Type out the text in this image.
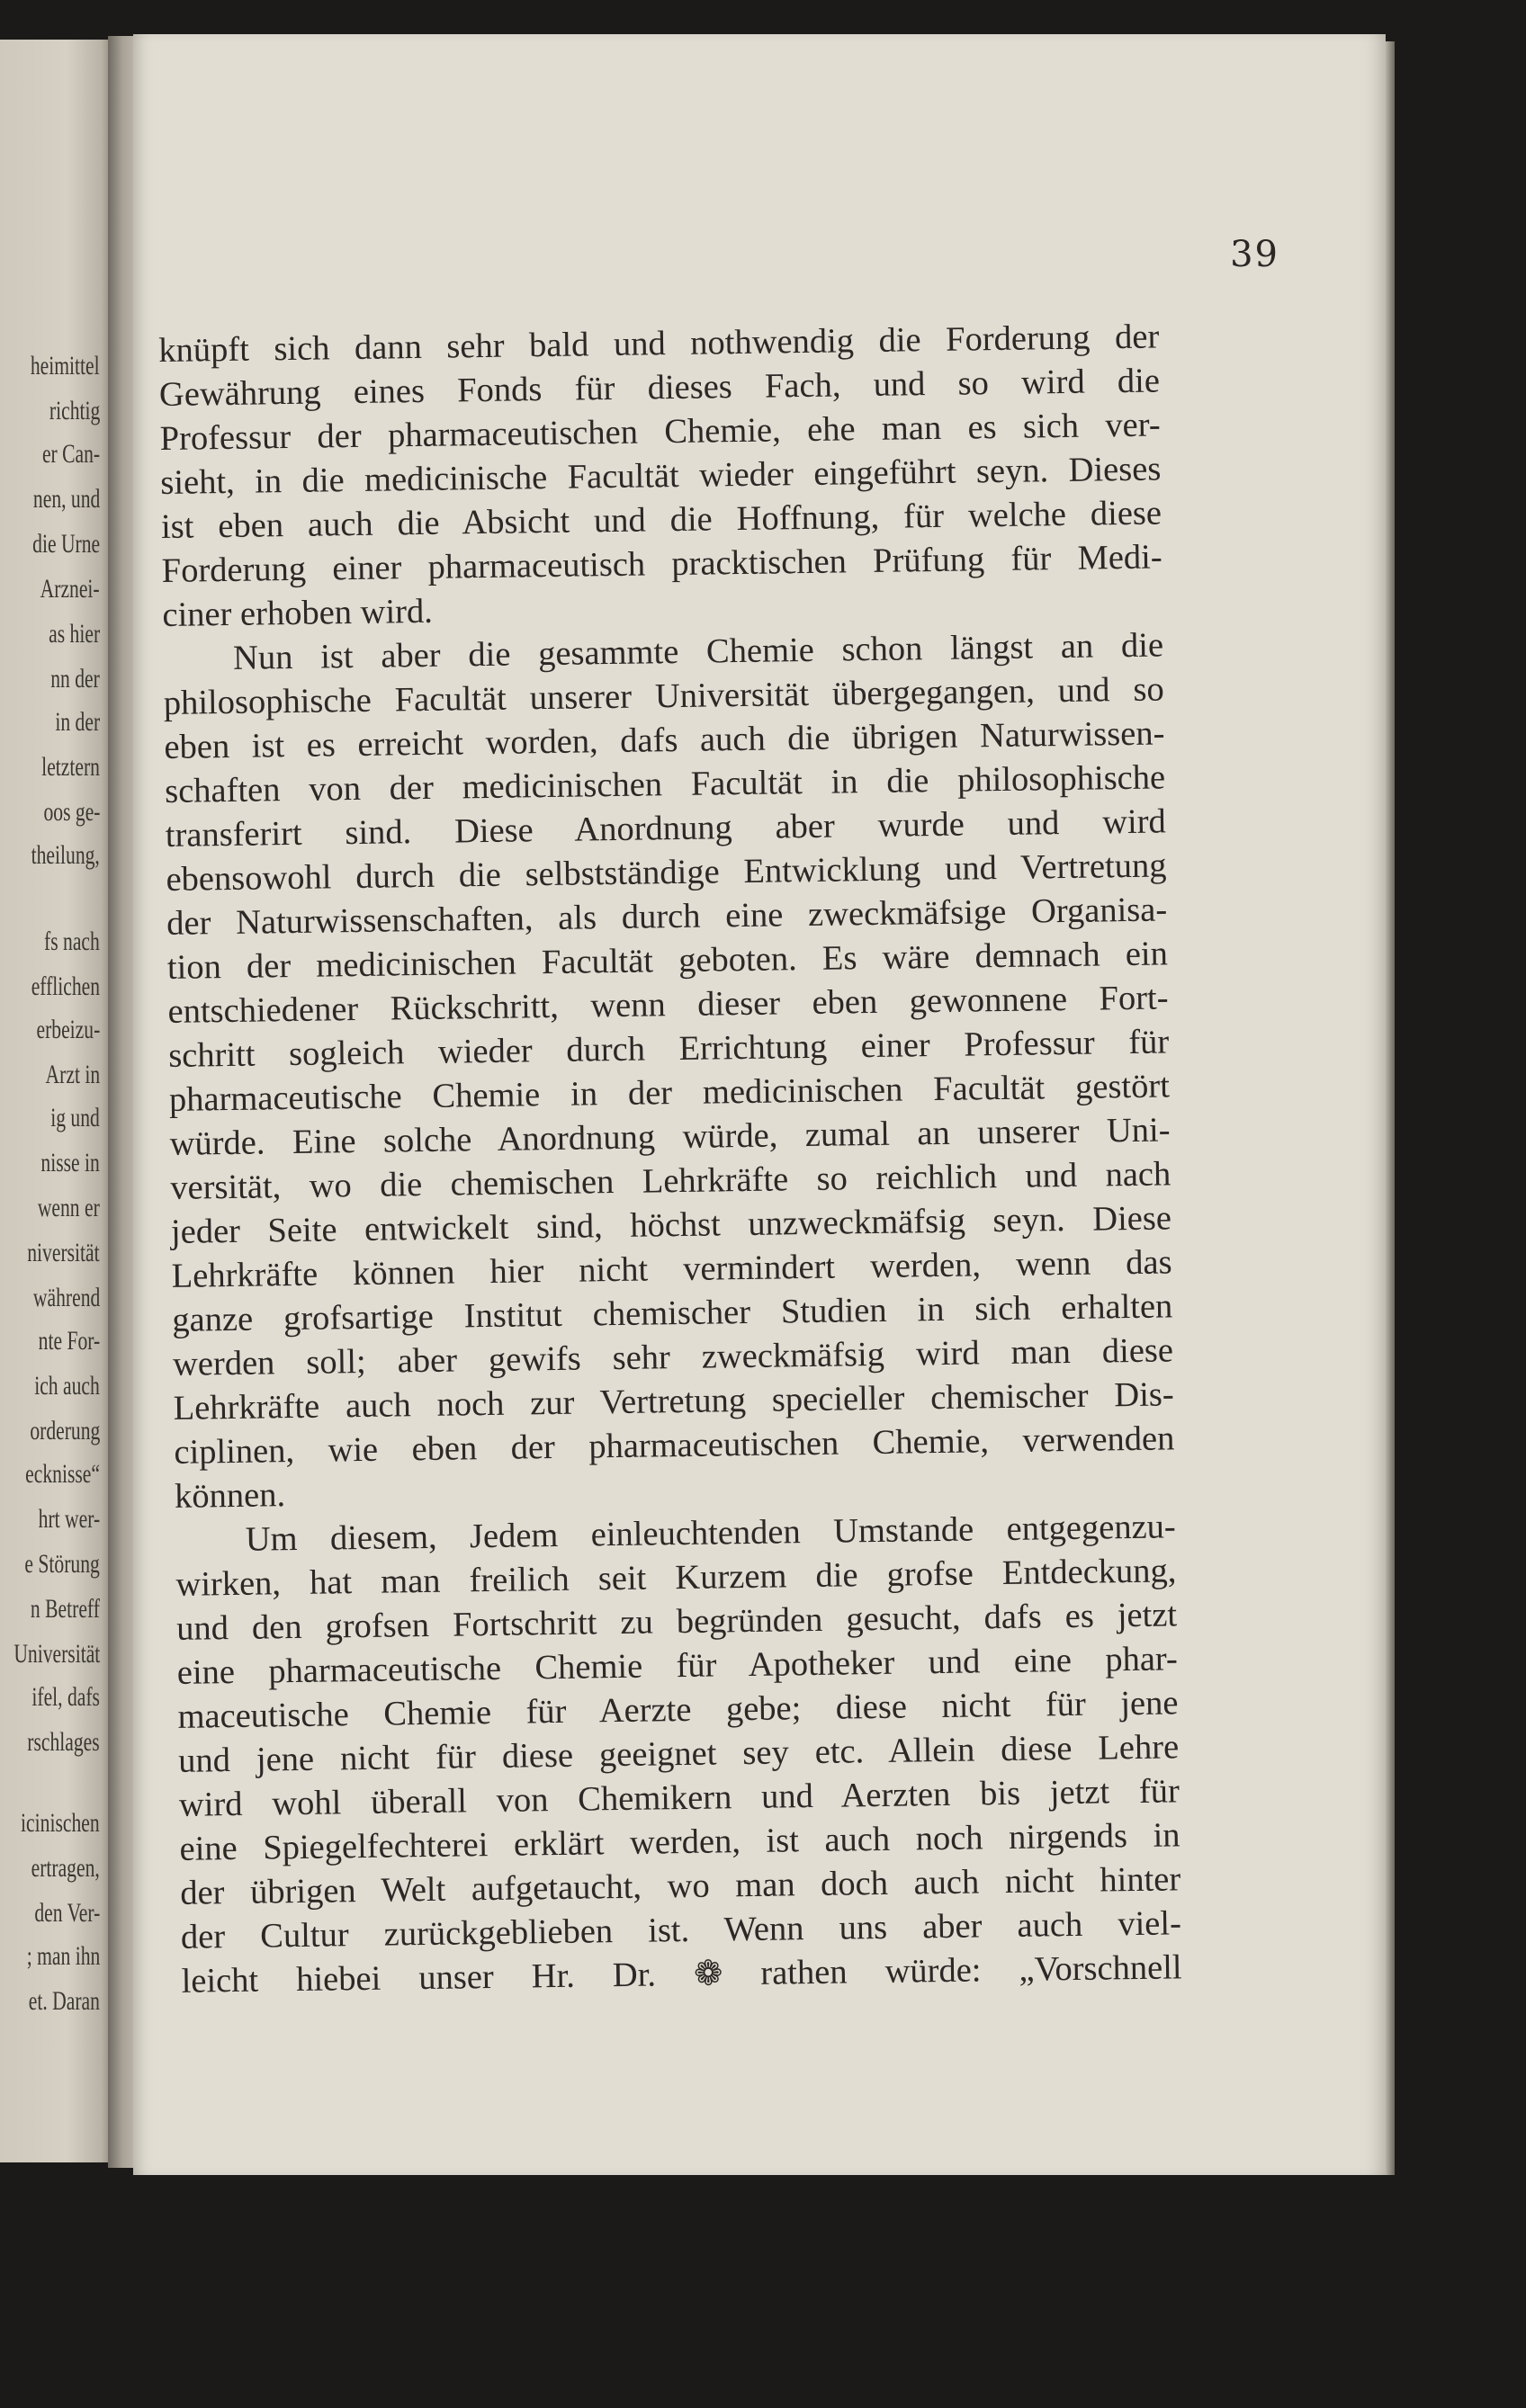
heimittel
richtig
er Can-
nen, und
die Urne
Arznei-
as hier
nn der
in der
letztern
oos ge-
theilung,
fs nach
efflichen
erbeizu-
Arzt in
ig und
nisse in
wenn er
niversität
während
nte For-
ich auch
orderung
ecknisse“
hrt wer-
e Störung
n Betreff
Universität
ifel, dafs
rschlages
icinischen
ertragen,
den Ver-
; man ihn
et. Daran
39
knüpft sich dann sehr bald und nothwendig die Forderung der
Gewährung eines Fonds für dieses Fach, und so wird die
Professur der pharmaceutischen Chemie, ehe man es sich ver-
sieht, in die medicinische Facultät wieder eingeführt seyn. Dieses
ist eben auch die Absicht und die Hoffnung, für welche diese
Forderung einer pharmaceutisch pracktischen Prüfung für Medi-
ciner erhoben wird.
Nun ist aber die gesammte Chemie schon längst an die
philosophische Facultät unserer Universität übergegangen, und so
eben ist es erreicht worden, dafs auch die übrigen Naturwissen-
schaften von der medicinischen Facultät in die philosophische
transferirt sind. Diese Anordnung aber wurde und wird
ebensowohl durch die selbstständige Entwicklung und Vertretung
der Naturwissenschaften, als durch eine zweckmäfsige Organisa-
tion der medicinischen Facultät geboten. Es wäre demnach ein
entschiedener Rückschritt, wenn dieser eben gewonnene Fort-
schritt sogleich wieder durch Errichtung einer Professur für
pharmaceutische Chemie in der medicinischen Facultät gestört
würde. Eine solche Anordnung würde, zumal an unserer Uni-
versität, wo die chemischen Lehrkräfte so reichlich und nach
jeder Seite entwickelt sind, höchst unzweckmäfsig seyn. Diese
Lehrkräfte können hier nicht vermindert werden, wenn das
ganze grofsartige Institut chemischer Studien in sich erhalten
werden soll; aber gewifs sehr zweckmäfsig wird man diese
Lehrkräfte auch noch zur Vertretung specieller chemischer Dis-
ciplinen, wie eben der pharmaceutischen Chemie, verwenden
können.
Um diesem, Jedem einleuchtenden Umstande entgegenzu-
wirken, hat man freilich seit Kurzem die grofse Entdeckung,
und den grofsen Fortschritt zu begründen gesucht, dafs es jetzt
eine pharmaceutische Chemie für Apotheker und eine phar-
maceutische Chemie für Aerzte gebe; diese nicht für jene
und jene nicht für diese geeignet sey etc. Allein diese Lehre
wird wohl überall von Chemikern und Aerzten bis jetzt für
eine Spiegelfechterei erklärt werden, ist auch noch nirgends in
der übrigen Welt aufgetaucht, wo man doch auch nicht hinter
der Cultur zurückgeblieben ist. Wenn uns aber auch viel-
leicht hiebei unser Hr. Dr. ❁ rathen würde: „Vorschnell
